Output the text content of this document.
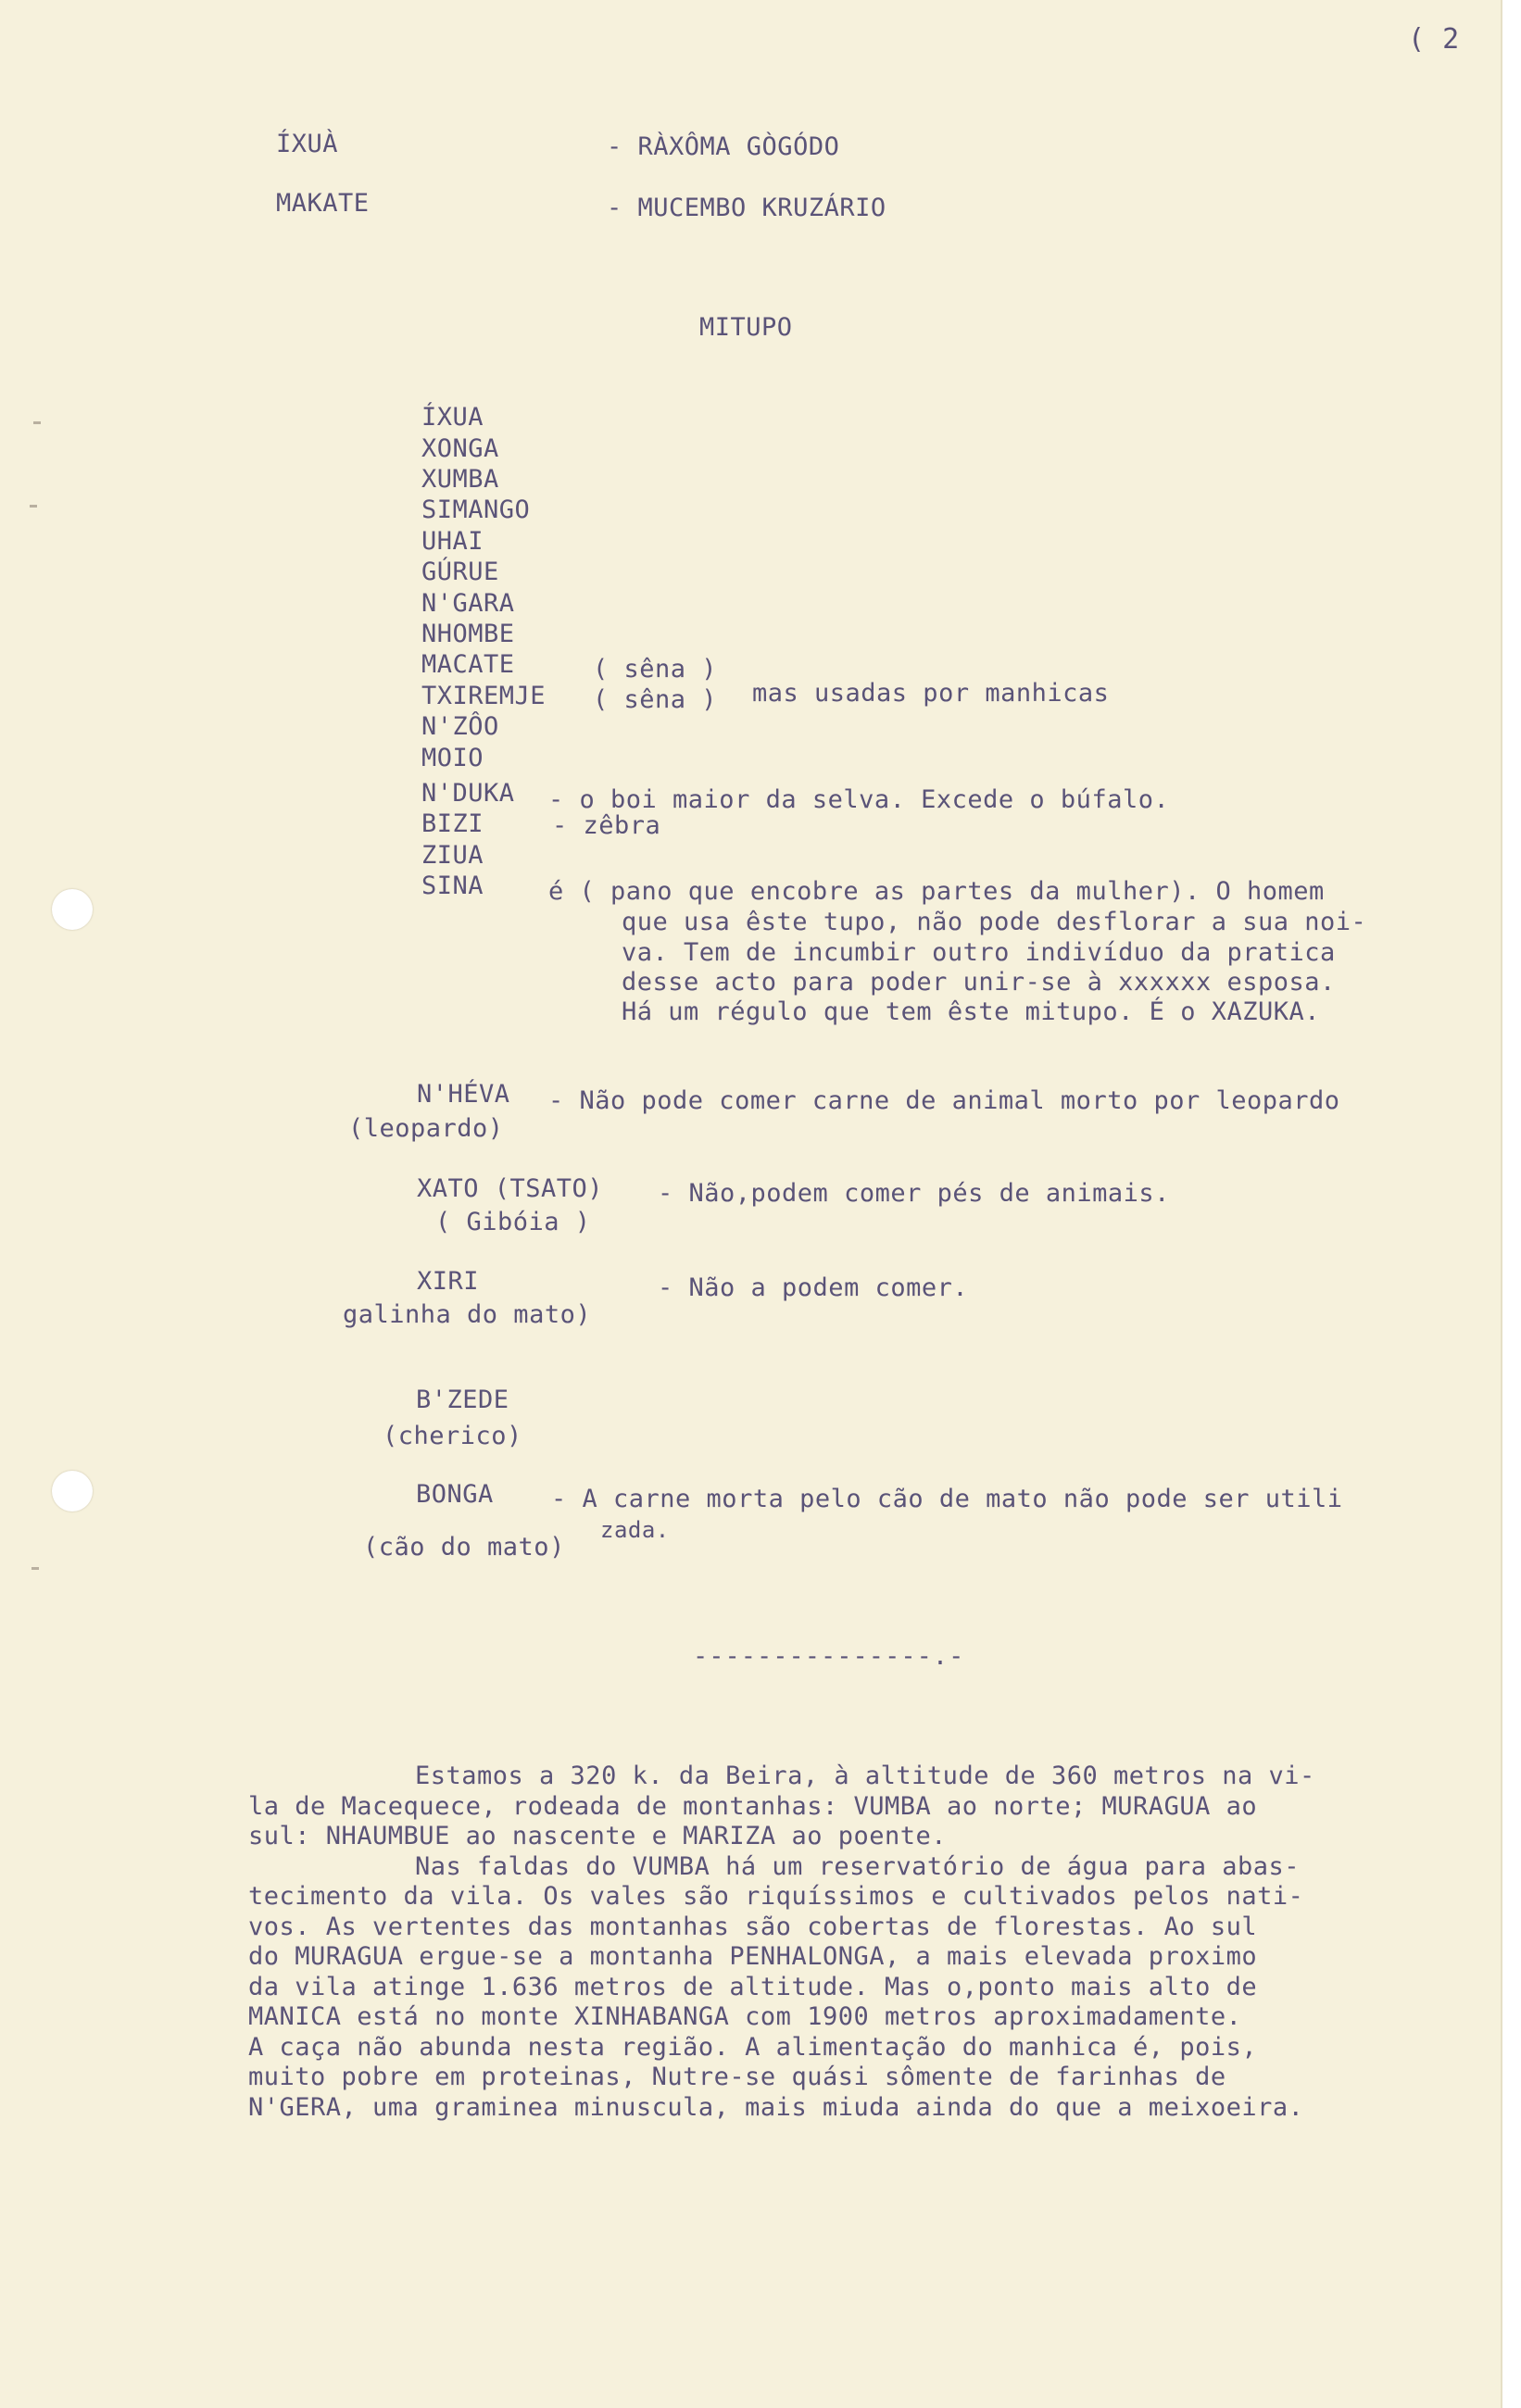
( 2
ÍXUÀ
MAKATE
- RÀXÔMA GÒGÓDO
- MUCEMBO KRUZÁRIO
MITUPO
ÍXUA
XONGA
XUMBA
SIMANGO
UHAI
GÚRUE
N'GARA
NHOMBE
MACATE
TXIREMJE
N'ZÔO
MOIO
N'DUKA
BIZI
ZIUA
SINA
( sêna )
( sêna ) mas usadas por manhicas
- o boi maior da selva. Excede o búfalo.
- zêbra
é ( pano que encobre as partes da mulher). O homem
que usa êste tupo, não pode desflorar a sua noi-
va. Tem de incumbir outro indivíduo da pratica
desse acto para poder unir-se à xxxxxx esposa.
Há um régulo que tem êste mitupo. É o XAZUKA.
N'HÉVA - Não pode comer carne de animal morto por leopardo
(leopardo)
XATO (TSATO) - Não,podem comer pés de animais.
( Gibóia )
XIRI	- Não a podem comer.
galinha do mato)
B'ZEDE
(cherico)
BONGA - A carne morta pelo cão de mato não pode ser utili
zada.
(cão do mato)
---------------.-
Estamos a 320 k. da Beira, à altitude de 360 metros na vi-
la de Macequece, rodeada de montanhas: VUMBA ao norte; MURAGUA ao
sul: NHAUMBUE ao nascente e MARIZA ao poente.
Nas faldas do VUMBA há um reservatório de água para abas-
tecimento da vila. Os vales são riquíssimos e cultivados pelos nati-
vos. As vertentes das montanhas são cobertas de florestas. Ao sul
do MURAGUA ergue-se a montanha PENHALONGA, a mais elevada proximo
da vila atinge 1.636 metros de altitude. Mas o,ponto mais alto de
MANICA está no monte XINHABANGA com 1900 metros aproximadamente.
A caça não abunda nesta região. A alimentação do manhica é, pois,
muito pobre em proteinas, Nutre-se quási sômente de farinhas de
N'GERA, uma graminea minuscula, mais miuda ainda do que a meixoeira.
